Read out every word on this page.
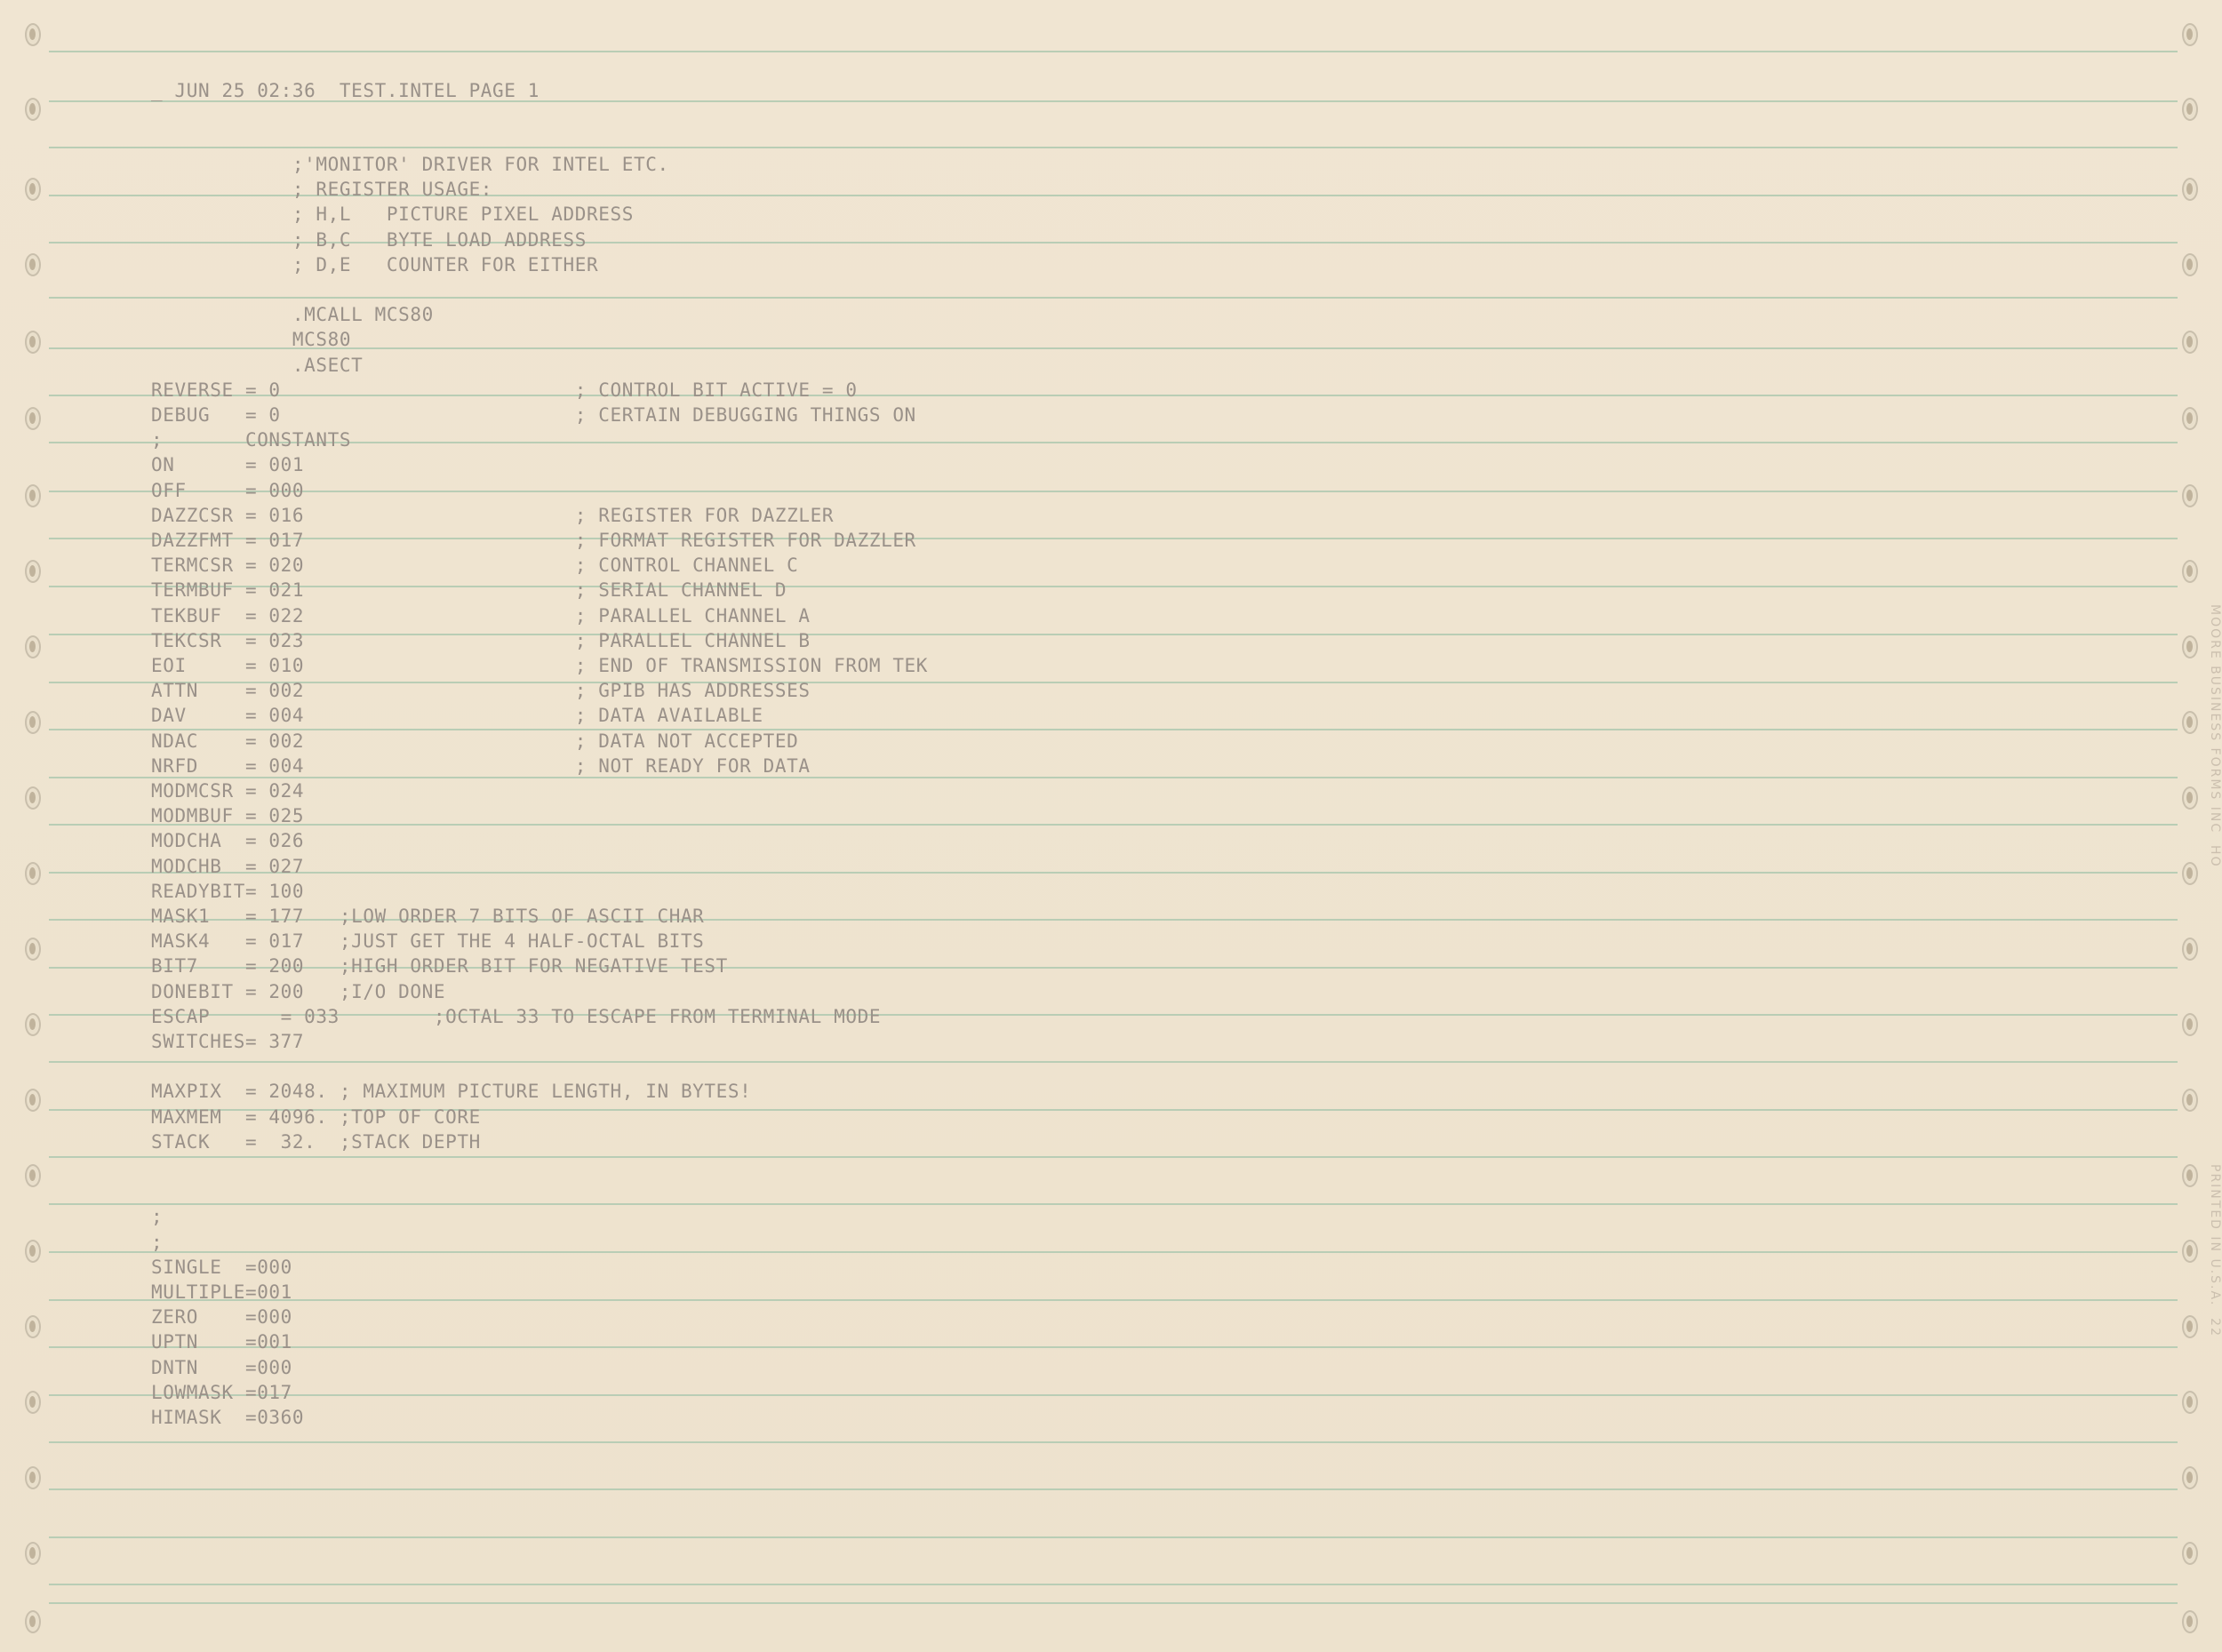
_ JUN 25 02:36  TEST.INTEL PAGE 1
;'MONITOR' DRIVER FOR INTEL ETC.
; REGISTER USAGE:
; H,L   PICTURE PIXEL ADDRESS
; B,C   BYTE LOAD ADDRESS
; D,E   COUNTER FOR EITHER
.MCALL MCS80
MCS80
.ASECT
REVERSE = 0                         ; CONTROL BIT ACTIVE = 0
DEBUG   = 0                         ; CERTAIN DEBUGGING THINGS ON
;       CONSTANTS
ON      = 001
OFF     = 000
DAZZCSR = 016                       ; REGISTER FOR DAZZLER
DAZZFMT = 017                       ; FORMAT REGISTER FOR DAZZLER
TERMCSR = 020                       ; CONTROL CHANNEL C
TERMBUF = 021                       ; SERIAL CHANNEL D
TEKBUF  = 022                       ; PARALLEL CHANNEL A
TEKCSR  = 023                       ; PARALLEL CHANNEL B
EOI     = 010                       ; END OF TRANSMISSION FROM TEK
ATTN    = 002                       ; GPIB HAS ADDRESSES
DAV     = 004                       ; DATA AVAILABLE
NDAC    = 002                       ; DATA NOT ACCEPTED
NRFD    = 004                       ; NOT READY FOR DATA
MODMCSR = 024
MODMBUF = 025
MODCHA  = 026
MODCHB  = 027
READYBIT= 100
MASK1   = 177   ;LOW ORDER 7 BITS OF ASCII CHAR
MASK4   = 017   ;JUST GET THE 4 HALF-OCTAL BITS
BIT7    = 200   ;HIGH ORDER BIT FOR NEGATIVE TEST
DONEBIT = 200   ;I/O DONE
ESCAP      = 033        ;OCTAL 33 TO ESCAPE FROM TERMINAL MODE
SWITCHES= 377
MAXPIX  = 2048. ; MAXIMUM PICTURE LENGTH, IN BYTES!
MAXMEM  = 4096. ;TOP OF CORE
STACK   =  32.  ;STACK DEPTH
;
;
SINGLE  =000
MULTIPLE=001
ZERO    =000
UPTN    =001
DNTN    =000
LOWMASK =017
HIMASK  =0360
MOORE BUSINESS FORMS INC  HO
PRINTED IN U.S.A.  22
